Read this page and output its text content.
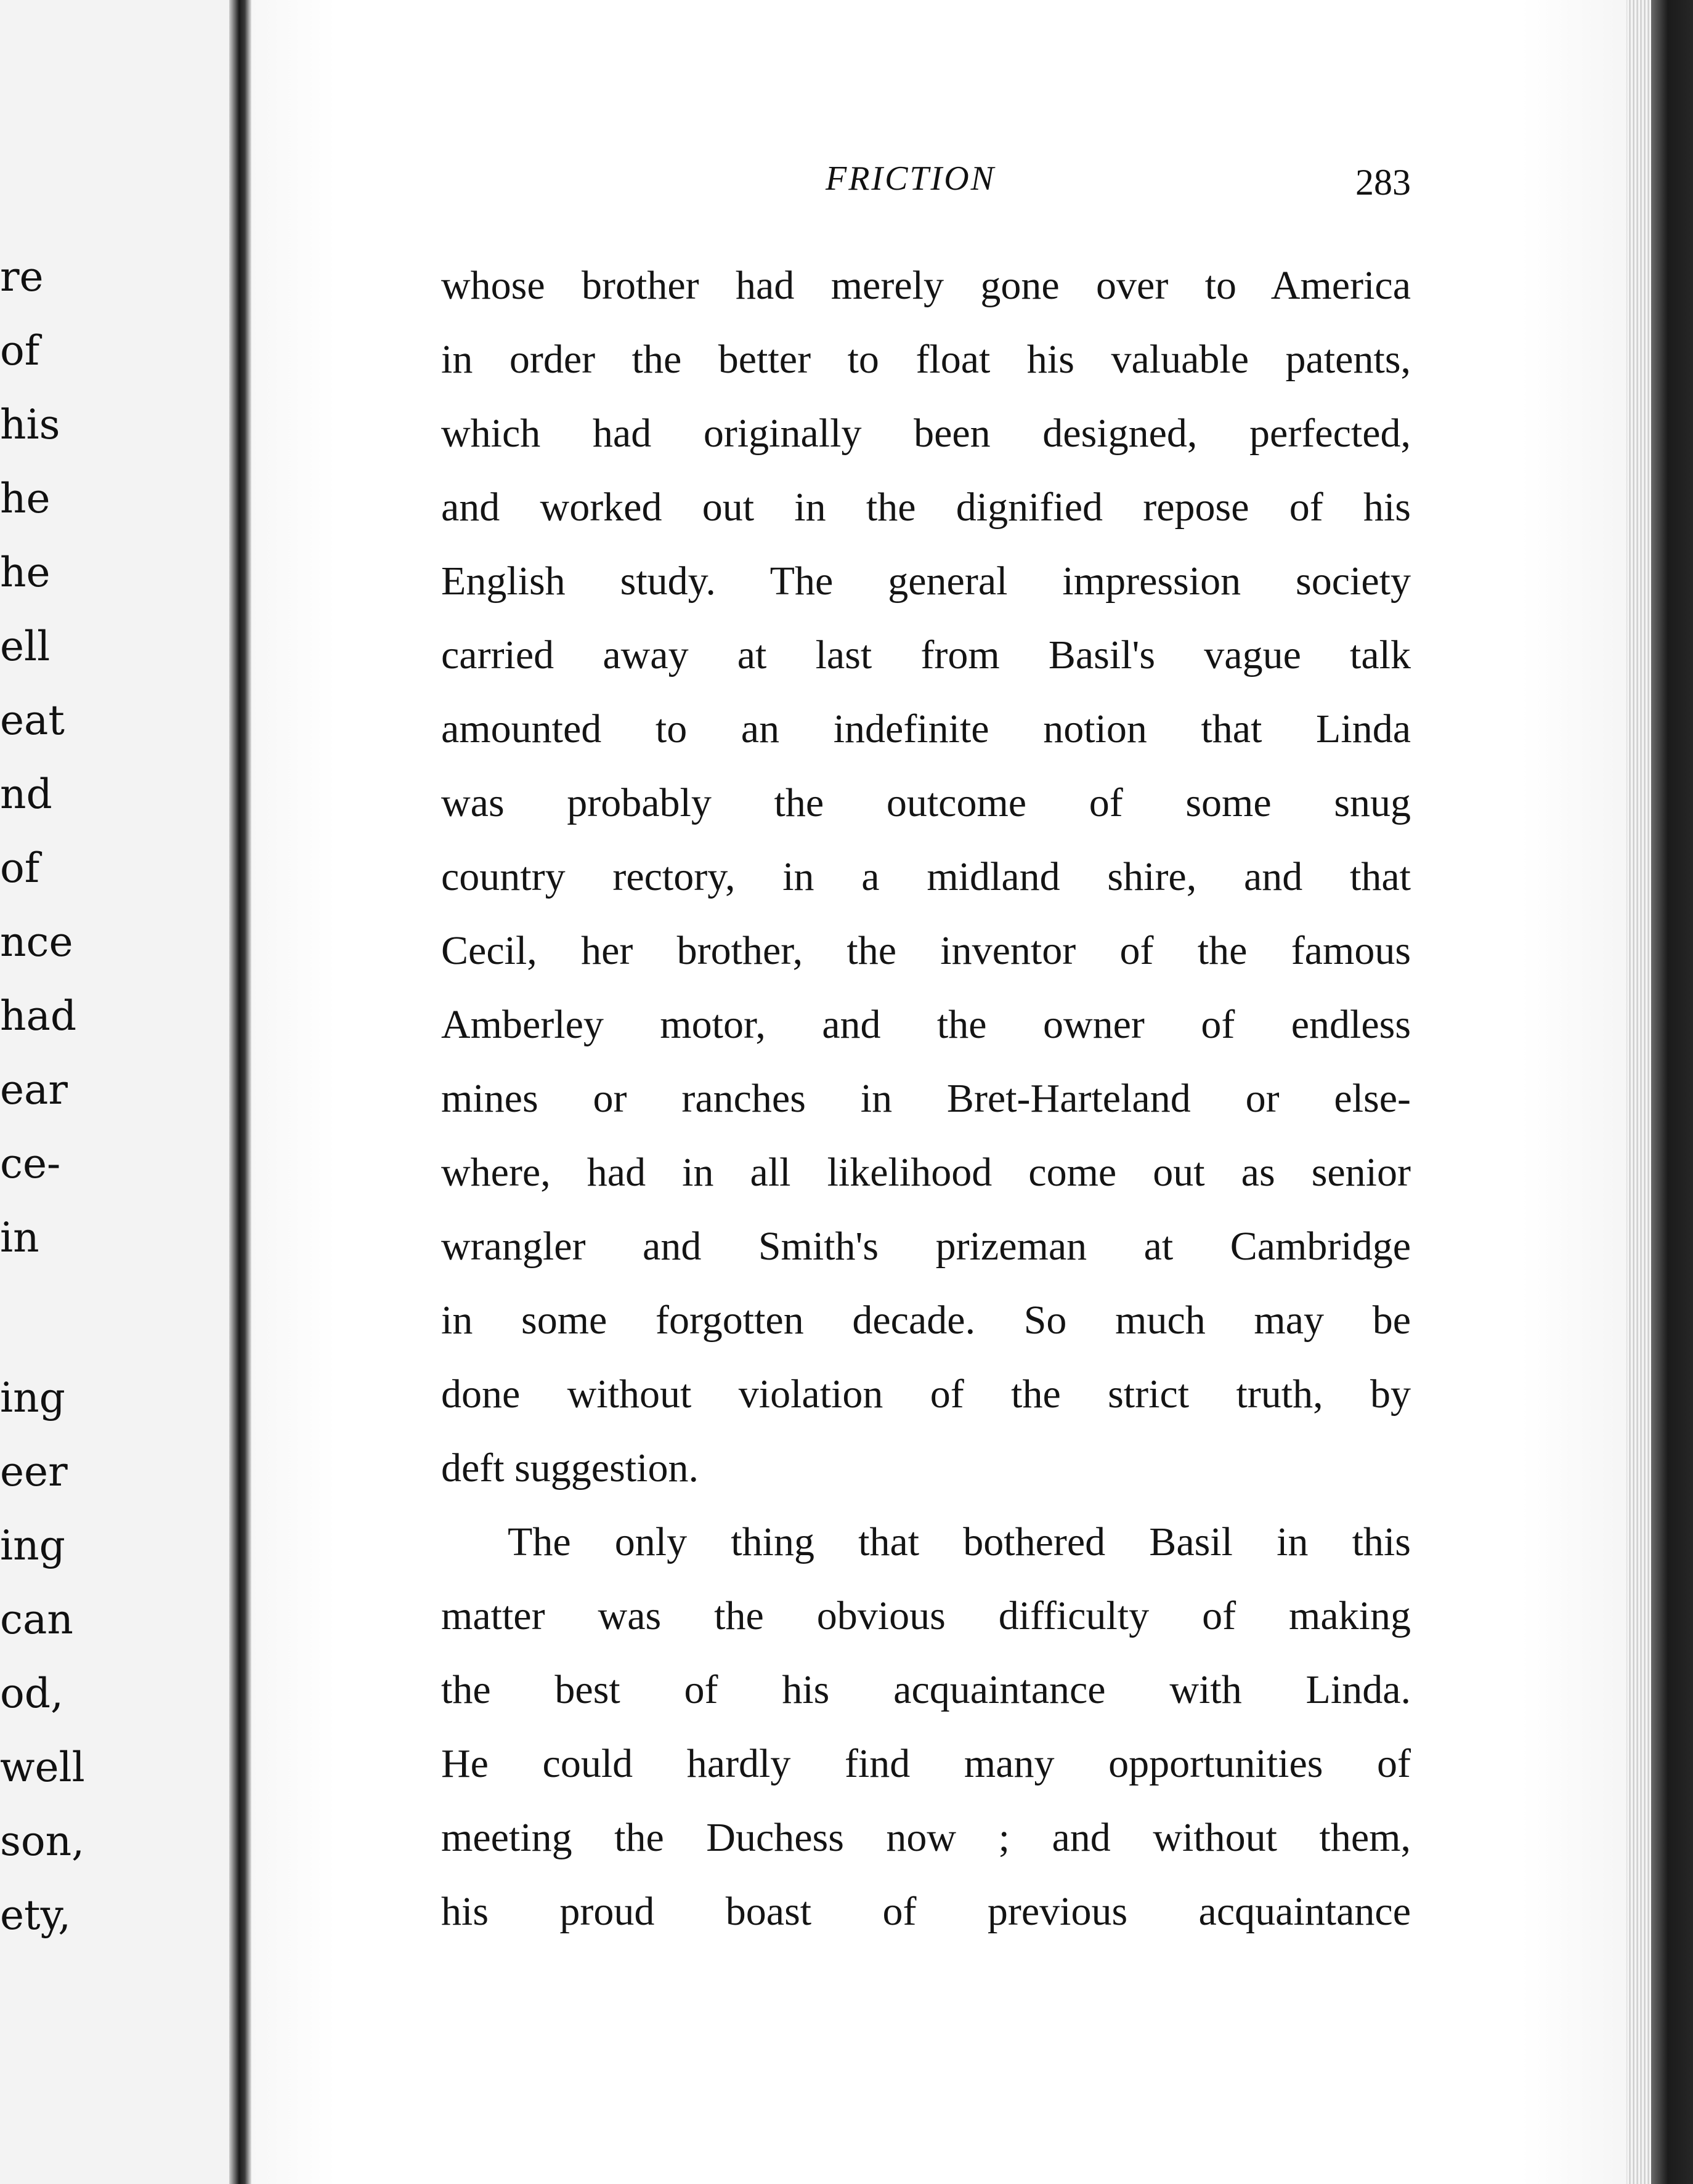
re
of
his
he
he
ell
eat
nd
of
nce
had
ear
ce-
in
ing
eer
ing
can
od,
well
son,
ety,
FRICTION	283
whose brother had merely gone over to America
in order the better to float his valuable patents,
which had originally been designed, perfected,
and worked out in the dignified repose of his
English study. The general impression society
carried away at last from Basil's vague talk
amounted to an indefinite notion that Linda
was probably the outcome of some snug
country rectory, in a midland shire, and that
Cecil, her brother, the inventor of the famous
Amberley motor, and the owner of endless
mines or ranches in Bret-Harteland or else-
where, had in all likelihood come out as senior
wrangler and Smith's prizeman at Cambridge
in some forgotten decade. So much may be
done without violation of the strict truth, by
deft suggestion.
The only thing that bothered Basil in this
matter was the obvious difficulty of making
the best of his acquaintance with Linda.
He could hardly find many opportunities of
meeting the Duchess now ; and without them,
his proud boast of previous acquaintance
